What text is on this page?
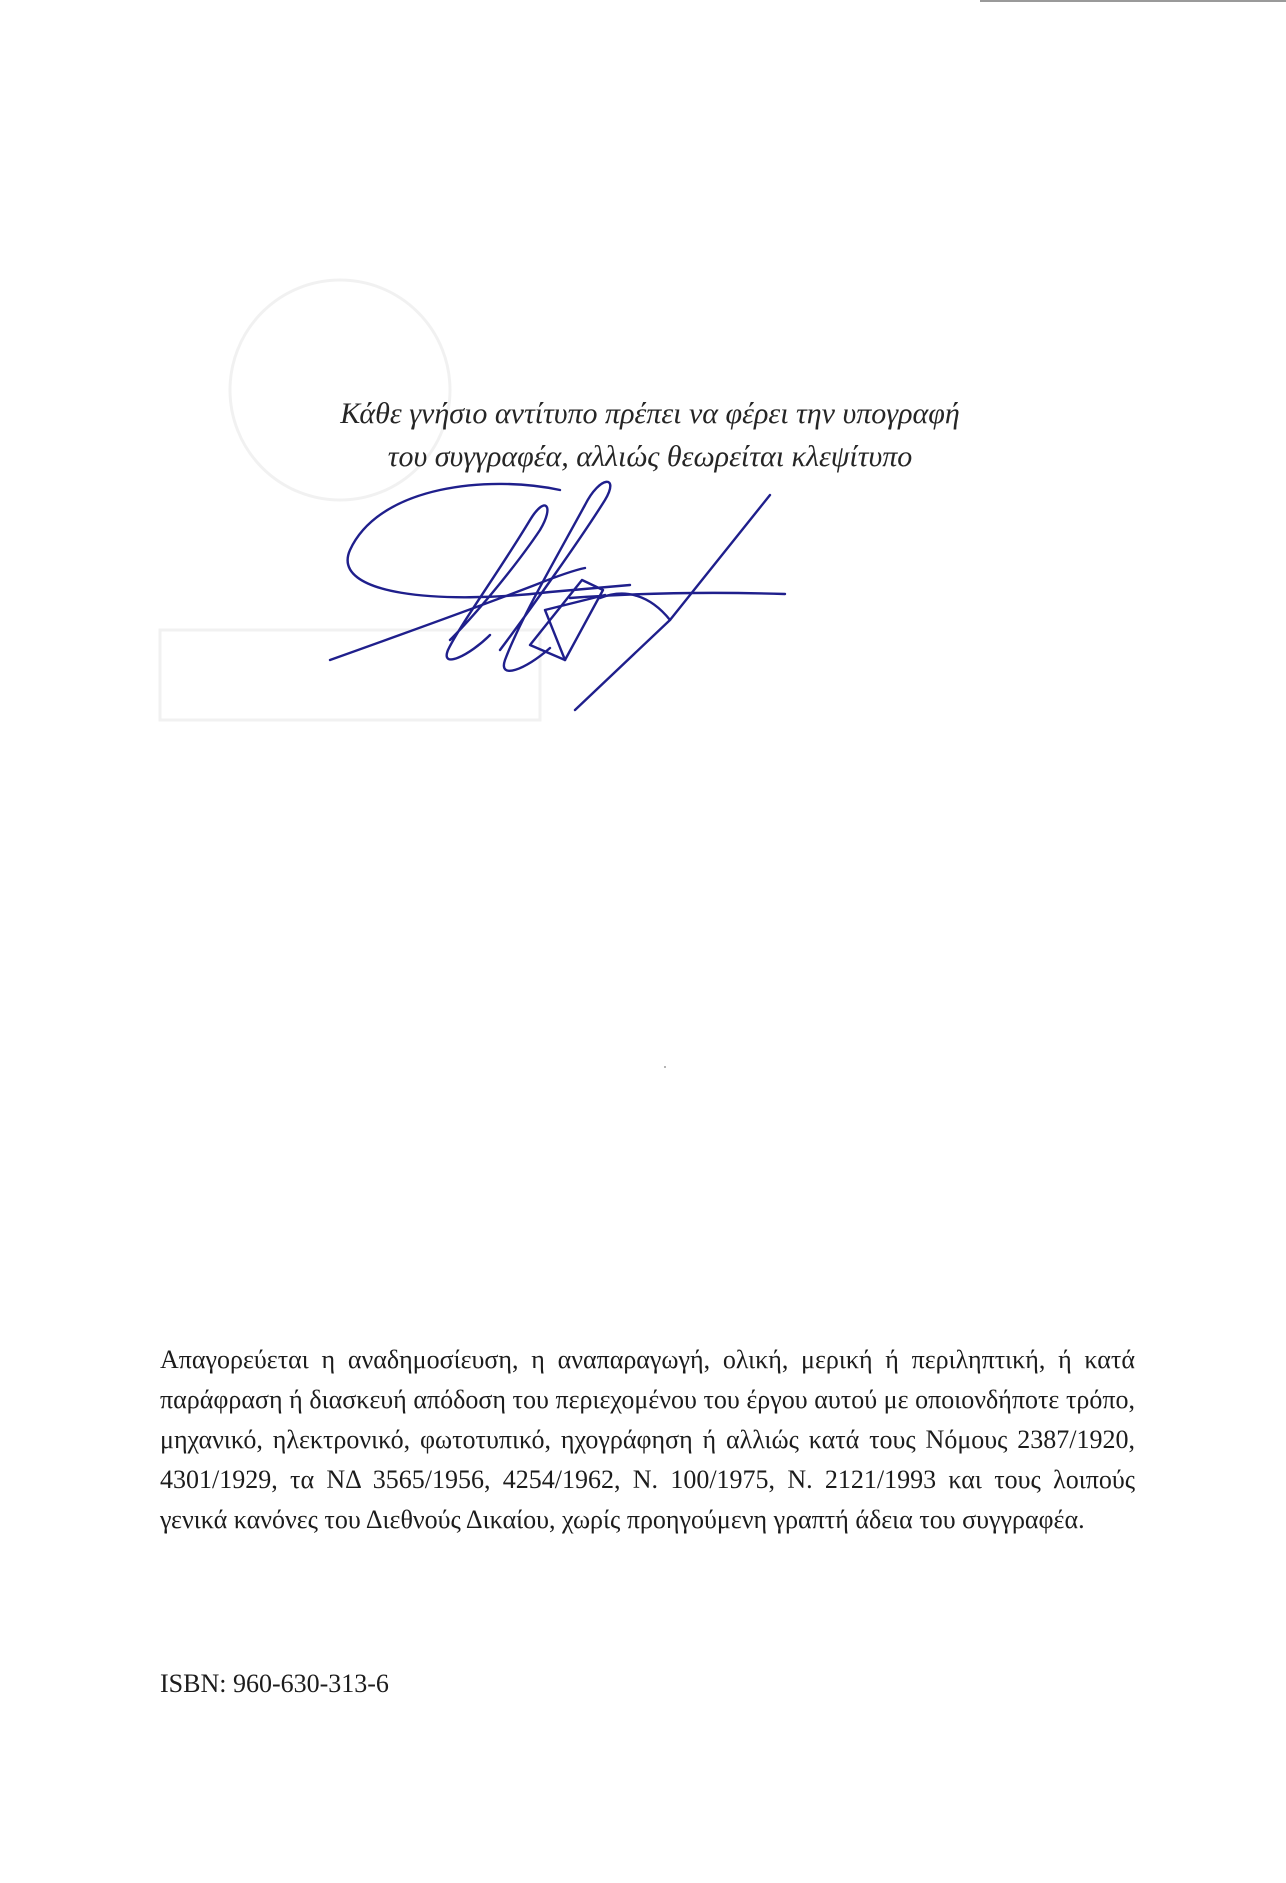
Κάθε γνήσιο αντίτυπο πρέπει να φέρει την υπογραφή
του συγγραφέα, αλλιώς θεωρείται κλεψίτυπο

Απαγορεύεται η αναδημοσίευση, η αναπαραγωγή, ολική, μερική ή περιληπτική, ή κατά παράφραση ή διασκευή απόδοση του περιεχομένου του έργου αυτού με οποιονδήποτε τρόπο, μηχανικό, ηλεκτρονικό, φωτοτυπικό, ηχογράφηση ή αλλιώς κατά τους Νόμους 2387/1920, 4301/1929, τα ΝΔ 3565/1956, 4254/1962, Ν. 100/1975, Ν. 2121/1993 και τους λοιπούς γενικά κανόνες του Διεθνούς Δικαίου, χωρίς προηγούμενη γραπτή άδεια του συγγραφέα.

ISBN: 960-630-313-6
